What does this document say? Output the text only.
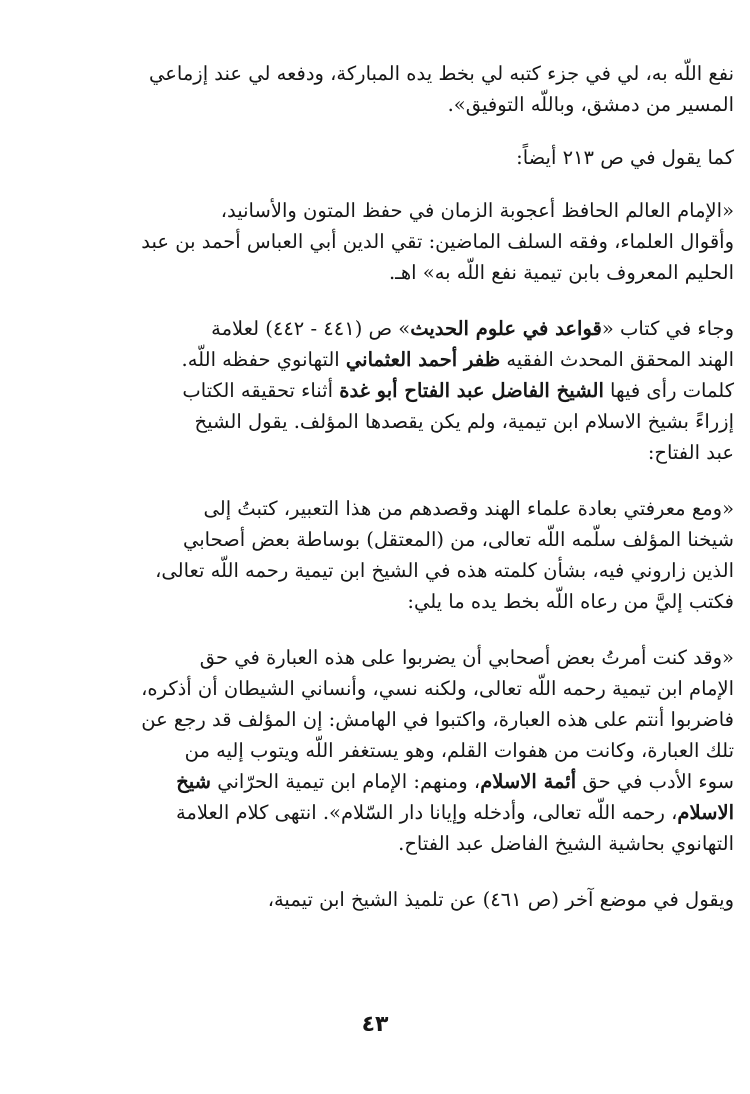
نفع اللّه به، لي في جزء كتبه لي بخط يده المباركة، ودفعه لي عند إزماعي
المسير من دمشق، وباللّه التوفيق».

كما يقول في ص ٢١٣ أيضاً:

«الإمام العالم الحافظ أعجوبة الزمان في حفظ المتون والأسانيد،
وأقوال العلماء، وفقه السلف الماضين: تقي الدين أبي العباس أحمد بن عبد
الحليم المعروف بابن تيمية نفع اللّه به» اهـ.

وجاء في كتاب «قواعد في علوم الحديث» ص (٤٤١ - ٤٤٢) لعلامة
الهند المحقق المحدث الفقيه ظفر أحمد العثماني التهانوي حفظه اللّه.
كلمات رأى فيها الشيخ الفاضل عبد الفتاح أبو غدة أثناء تحقيقه الكتاب
إزراءً بشيخ الاسلام ابن تيمية، ولم يكن يقصدها المؤلف. يقول الشيخ
عبد الفتاح:

«ومع معرفتي بعادة علماء الهند وقصدهم من هذا التعبير، كتبتُ إلى
شيخنا المؤلف سلّمه اللّه تعالى، من (المعتقل) بوساطة بعض أصحابي
الذين زاروني فيه، بشأن كلمته هذه في الشيخ ابن تيمية رحمه اللّه تعالى،
فكتب إليَّ من رعاه اللّه بخط يده ما يلي:

«وقد كنت أمرتُ بعض أصحابي أن يضربوا على هذه العبارة في حق
الإمام ابن تيمية رحمه اللّه تعالى، ولكنه نسي، وأنساني الشيطان أن أذكره،
فاضربوا أنتم على هذه العبارة، واكتبوا في الهامش: إن المؤلف قد رجع عن
تلك العبارة، وكانت من هفوات القلم، وهو يستغفر اللّه ويتوب إليه من
سوء الأدب في حق أئمة الاسلام، ومنهم: الإمام ابن تيمية الحرّاني شيخ
الاسلام، رحمه اللّه تعالى، وأدخله وإيانا دار السّلام». انتهى كلام العلامة
التهانوي بحاشية الشيخ الفاضل عبد الفتاح.

ويقول في موضع آخر (ص ٤٦١) عن تلميذ الشيخ ابن تيمية،

٤٣
